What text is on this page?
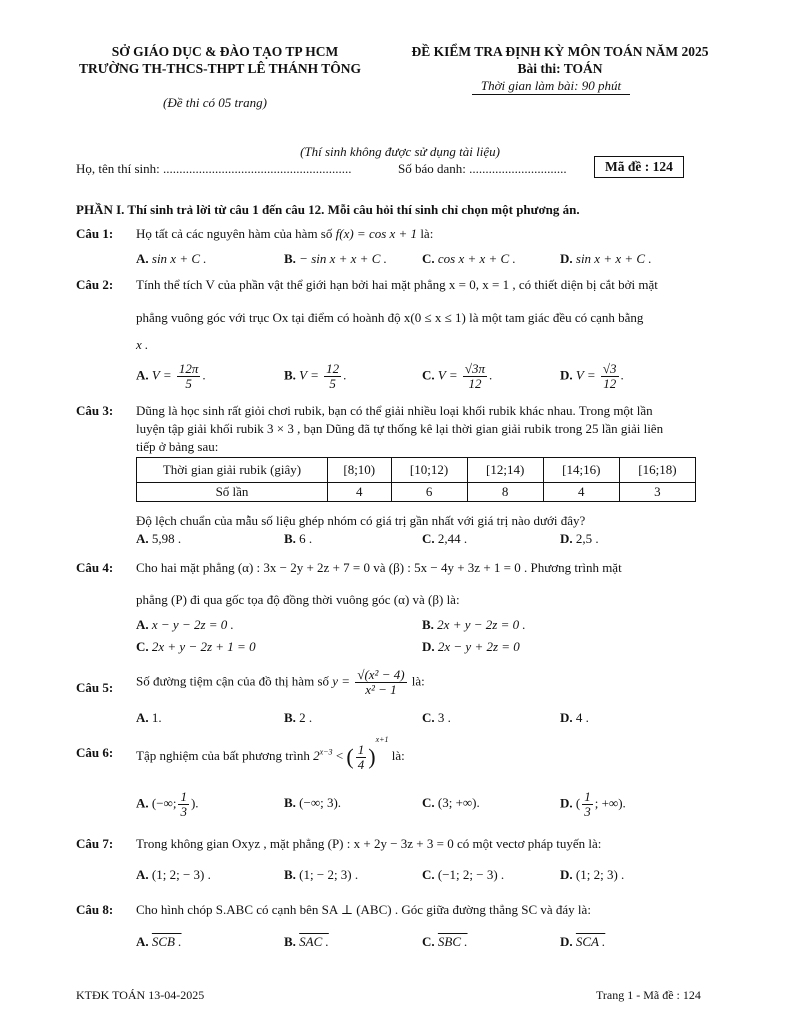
SỞ GIÁO DỤC & ĐÀO TẠO TP HCM
TRƯỜNG TH-THCS-THPT LÊ THÁNH TÔNG
(Đề thi có 05 trang)
ĐỀ KIỂM TRA ĐỊNH KỲ MÔN TOÁN NĂM 2025
Bài thi: TOÁN
Thời gian làm bài: 90 phút
(Thí sinh không được sử dụng tài liệu)
Họ, tên thí sinh: ..........................................................	Số báo danh: ..............................	Mã đề : 124
PHẦN I. Thí sinh trả lời từ câu 1 đến câu 12. Mỗi câu hỏi thí sinh chỉ chọn một phương án.
Câu 1: Họ tất cả các nguyên hàm của hàm số f(x) = cos x + 1 là:
A. sin x + C .	B. − sin x + x + C .	C. cos x + x + C .	D. sin x + x + C .
Câu 2: Tính thể tích V của phần vật thể giới hạn bởi hai mặt phẳng x = 0, x = 1 , có thiết diện bị cắt bởi mặt
phẳng vuông góc với trục Ox tại điểm có hoành độ x(0 ≤ x ≤ 1) là một tam giác đều có cạnh bằng
x .
A. $V = \frac{12\pi}{5}$ .	B. $V = \frac{12}{5}$ .	C. $V = \frac{√3\pi}{12}$ .	D. $V = \frac{√3}{12}$ .
Câu 3: Dũng là học sinh rất giỏi chơi rubik, bạn có thể giải nhiều loại khối rubik khác nhau. Trong một lần
luyện tập giải khối rubik 3 × 3 , bạn Dũng đã tự thống kê lại thời gian giải rubik trong 25 lần giải liên
tiếp ở bảng sau:
Thời gian giải rubik (giây)	[8;10)	[10;12)	[12;14)	[14;16)	[16;18)
Số lần	4	6	8	4	3
Độ lệch chuẩn của mẫu số liệu ghép nhóm có giá trị gần nhất với giá trị nào dưới đây?
A. 5,98 .	B. 6 .	C. 2,44 .	D. 2,5 .
Câu 4: Cho hai mặt phẳng (α) : 3x − 2y + 2z + 7 = 0 và (β) : 5x − 4y + 3z + 1 = 0 . Phương trình mặt
phẳng (P) đi qua gốc tọa độ đồng thời vuông góc (α) và (β) là:
A. x − y − 2z = 0 .	B. 2x + y − 2z = 0 .
C. 2x + y − 2z + 1 = 0	D. 2x − y + 2z = 0
Câu 5: Số đường tiệm cận của đồ thị hàm số $y = \frac{\text{√(x² − 4)}}{\text{x² − 1}}$ là:
A. 1.	B. 2 .	C. 3 .	D. 4 .
Câu 6: Tập nghiệm của bất phương trình $2^{x-3}$ < ( $\frac{1}{4} )^{x+1}$ là:
A. (−∞; $\frac{1}{3}$ ).	B. (−∞; 3).	C. (3; +∞).	D. ( $\frac{1}{3}$ ; +∞).
Câu 7: Trong không gian Oxyz , mặt phẳng (P) : x + 2y − 3z + 3 = 0 có một vectơ pháp tuyến là:
A. (1; 2; − 3) .	B. (1; − 2; 3) .	C. (−1; 2; − 3) .	D. (1; 2; 3) .
Câu 8: Cho hình chóp S.ABC có cạnh bên SA ⊥ (ABC) . Góc giữa đường thẳng SC và đáy là:
A. SCB .	B. SAC .	C. SBC .	D. SCA .
KTĐK TOÁN 13-04-2025	Trang 1 - Mã đề : 124
